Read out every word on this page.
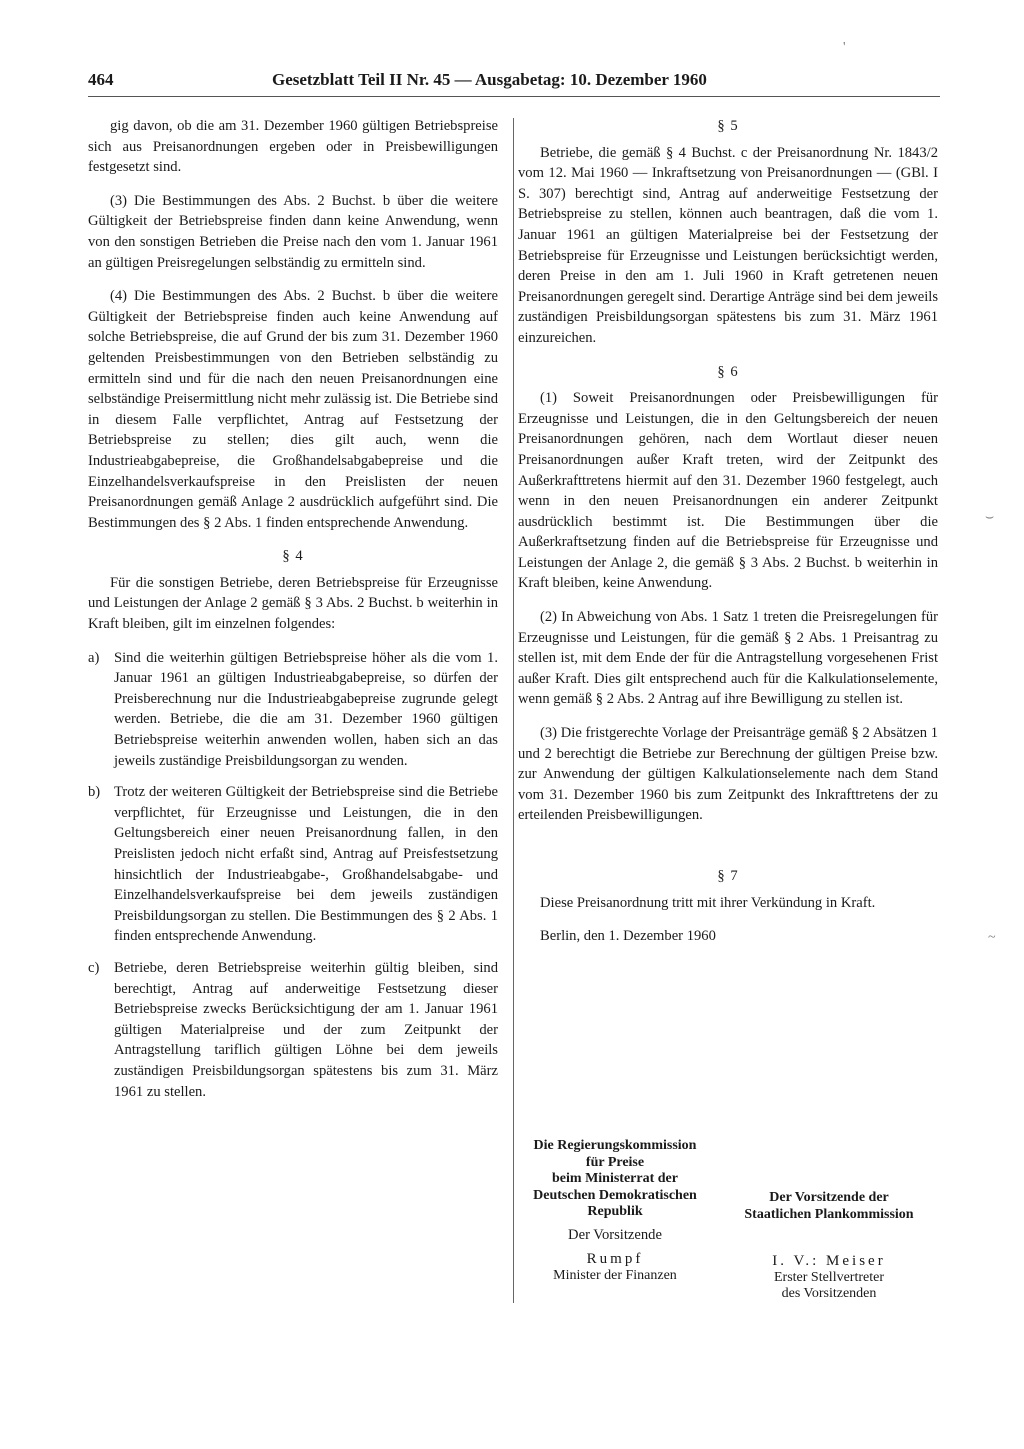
464	Gesetzblatt Teil II Nr. 45 — Ausgabetag: 10. Dezember 1960

gig davon, ob die am 31. Dezember 1960 gültigen Betriebspreise sich aus Preisanordnungen ergeben oder in Preisbewilligungen festgesetzt sind.

(3) Die Bestimmungen des Abs. 2 Buchst. b über die weitere Gültigkeit der Betriebspreise finden dann keine Anwendung, wenn von den sonstigen Betrieben die Preise nach den vom 1. Januar 1961 an gültigen Preisregelungen selbständig zu ermitteln sind.

(4) Die Bestimmungen des Abs. 2 Buchst. b über die weitere Gültigkeit der Betriebspreise finden auch keine Anwendung auf solche Betriebspreise, die auf Grund der bis zum 31. Dezember 1960 geltenden Preisbestimmungen von den Betrieben selbständig zu ermitteln sind und für die nach den neuen Preisanordnungen eine selbständige Preisermittlung nicht mehr zulässig ist. Die Betriebe sind in diesem Falle verpflichtet, Antrag auf Festsetzung der Betriebspreise zu stellen; dies gilt auch, wenn die Industrieabgabepreise, die Großhandelsabgabepreise und die Einzelhandelsverkaufspreise in den Preislisten der neuen Preisanordnungen gemäß Anlage 2 ausdrücklich aufgeführt sind. Die Bestimmungen des § 2 Abs. 1 finden entsprechende Anwendung.

§ 4

Für die sonstigen Betriebe, deren Betriebspreise für Erzeugnisse und Leistungen der Anlage 2 gemäß § 3 Abs. 2 Buchst. b weiterhin in Kraft bleiben, gilt im einzelnen folgendes:

a)	Sind die weiterhin gültigen Betriebspreise höher als die vom 1. Januar 1961 an gültigen Industrieabgabepreise, so dürfen der Preisberechnung nur die Industrieabgabepreise zugrunde gelegt werden. Betriebe, die die am 31. Dezember 1960 gültigen Betriebspreise weiterhin anwenden wollen, haben sich an das jeweils zuständige Preisbildungsorgan zu wenden.
b) Trotz der weiteren Gültigkeit der Betriebspreise sind die Betriebe verpflichtet, für Erzeugnisse und Leistungen, die in den Geltungsbereich einer neuen Preisanordnung fallen, in den Preislisten jedoch nicht erfaßt sind, Antrag auf Preisfestsetzung hinsichtlich der Industrieabgabe-, Großhandelsabgabe- und Einzelhandelsverkaufspreise bei dem jeweils zuständigen Preisbildungsorgan zu stellen. Die Bestimmungen des § 2 Abs. 1 finden entsprechende Anwendung.
c)	Betriebe, deren Betriebspreise weiterhin gültig bleiben, sind berechtigt, Antrag auf anderweitige Festsetzung dieser Betriebspreise zwecks Berücksichtigung der am 1. Januar 1961 gültigen Materialpreise und der zum Zeitpunkt der Antragstellung tariflich gültigen Löhne bei dem jeweils zuständigen Preisbildungsorgan spätestens bis zum 31. März 1961 zu stellen.
§ 5

Betriebe, die gemäß § 4 Buchst. c der Preisanordnung Nr. 1843/2 vom 12. Mai 1960 — Inkraftsetzung von Preisanordnungen — (GBl. I S. 307) berechtigt sind, Antrag auf anderweitige Festsetzung der Betriebspreise zu stellen, können auch beantragen, daß die vom 1. Januar 1961 an gültigen Materialpreise bei der Festsetzung der Betriebspreise für Erzeugnisse und Leistungen berücksichtigt werden, deren Preise in den am 1. Juli 1960 in Kraft getretenen neuen Preisanordnungen geregelt sind. Derartige Anträge sind bei dem jeweils zuständigen Preisbildungsorgan spätestens bis zum 31. März 1961 einzureichen.

§ 6

(1) Soweit Preisanordnungen oder Preisbewilligungen für Erzeugnisse und Leistungen, die in den Geltungsbereich der neuen Preisanordnungen gehören, nach dem Wortlaut dieser neuen Preisanordnungen außer Kraft treten, wird der Zeitpunkt des Außerkrafttretens hiermit auf den 31. Dezember 1960 festgelegt, auch wenn in den neuen Preisanordnungen ein anderer Zeitpunkt ausdrücklich bestimmt ist. Die Bestimmungen über die Außerkraftsetzung finden auf die Betriebspreise für Erzeugnisse und Leistungen der Anlage 2, die gemäß § 3 Abs. 2 Buchst. b weiterhin in Kraft bleiben, keine Anwendung.

(2) In Abweichung von Abs. 1 Satz 1 treten die Preisregelungen für Erzeugnisse und Leistungen, für die gemäß § 2 Abs. 1 Preisantrag zu stellen ist, mit dem Ende der für die Antragstellung vorgesehenen Frist außer Kraft. Dies gilt entsprechend auch für die Kalkulationselemente, wenn gemäß § 2 Abs. 2 Antrag auf ihre Bewilligung zu stellen ist.

(3) Die fristgerechte Vorlage der Preisanträge gemäß § 2 Absätzen 1 und 2 berechtigt die Betriebe zur Berechnung der gültigen Preise bzw. zur Anwendung der gültigen Kalkulationselemente nach dem Stand vom 31. Dezember 1960 bis zum Zeitpunkt des Inkrafttretens der zu erteilenden Preisbewilligungen.

§ 7

Diese Preisanordnung tritt mit ihrer Verkündung in Kraft.

Berlin, den 1. Dezember 1960

Die Regierungskommission
für Preise
beim Ministerrat der
Deutschen Demokratischen
Republik
Der Vorsitzende
Rumpf
Minister der Finanzen
Der Vorsitzende der
Staatlichen Plankommission
I. V.: Meiser
Erster Stellvertreter
des Vorsitzenden
⌣
~
'
